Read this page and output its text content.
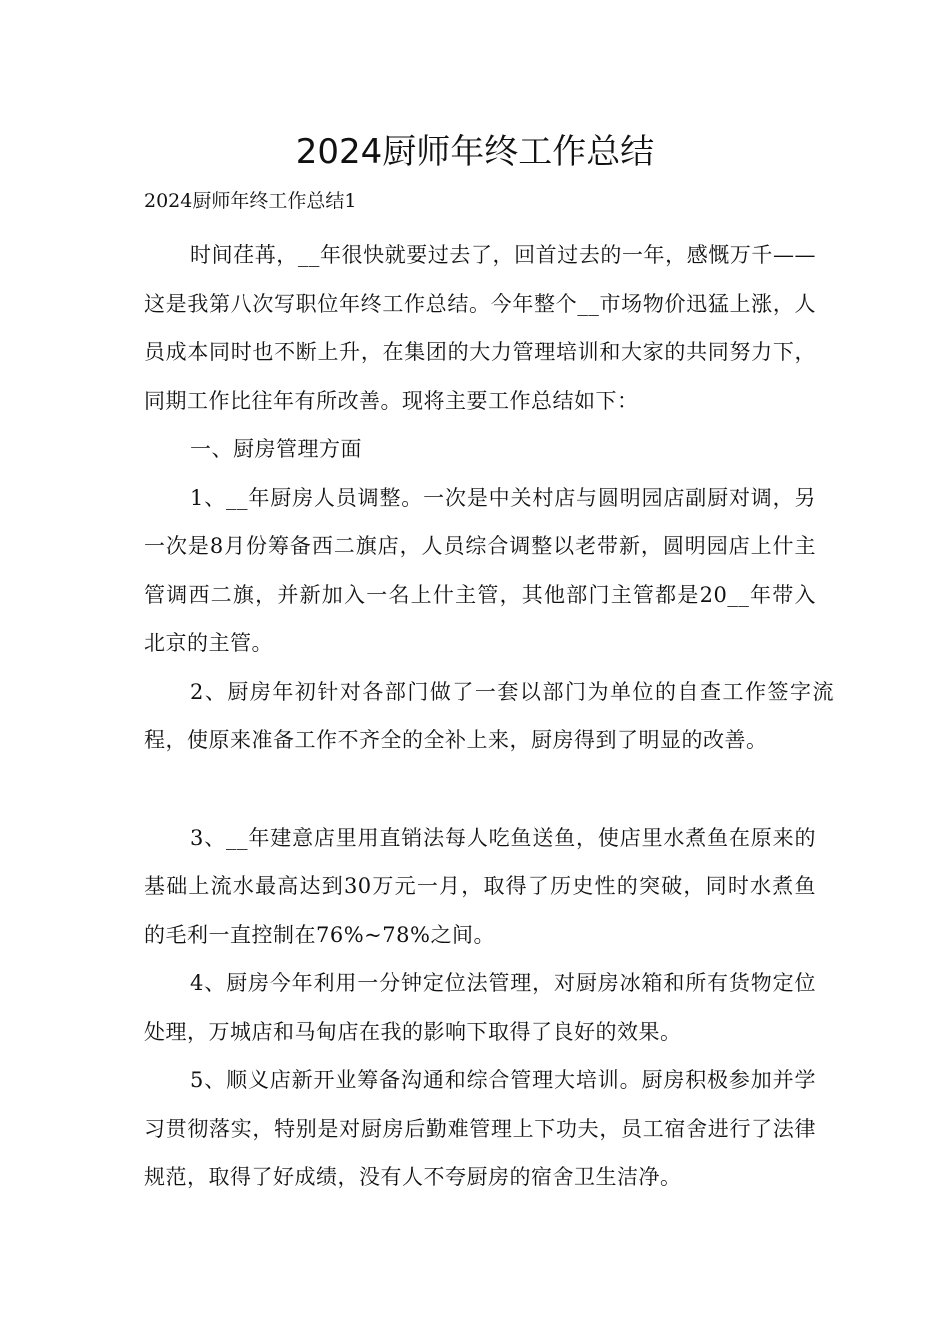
2024厨师年终工作总结

2024厨师年终工作总结1

时间荏苒，__年很快就要过去了，回首过去的一年，感慨万千——这是我第八次写职位年终工作总结。今年整个__市场物价迅猛上涨，人员成本同时也不断上升，在集团的大力管理培训和大家的共同努力下，同期工作比往年有所改善。现将主要工作总结如下：

一、厨房管理方面

1、__年厨房人员调整。一次是中关村店与圆明园店副厨对调，另一次是8月份筹备西二旗店，人员综合调整以老带新，圆明园店上什主管调西二旗，并新加入一名上什主管，其他部门主管都是20__年带入北京的主管。

2、厨房年初针对各部门做了一套以部门为单位的自查工作签字流程，使原来准备工作不齐全的全补上来，厨房得到了明显的改善。

3、__年建意店里用直销法每人吃鱼送鱼，使店里水煮鱼在原来的基础上流水最高达到30万元一月，取得了历史性的突破，同时水煮鱼的毛利一直控制在76%~78%之间。

4、厨房今年利用一分钟定位法管理，对厨房冰箱和所有货物定位处理，万城店和马甸店在我的影响下取得了良好的效果。

5、顺义店新开业筹备沟通和综合管理大培训。厨房积极参加并学习贯彻落实，特别是对厨房后勤难管理上下功夫，员工宿舍进行了法律规范，取得了好成绩，没有人不夸厨房的宿舍卫生洁净。
